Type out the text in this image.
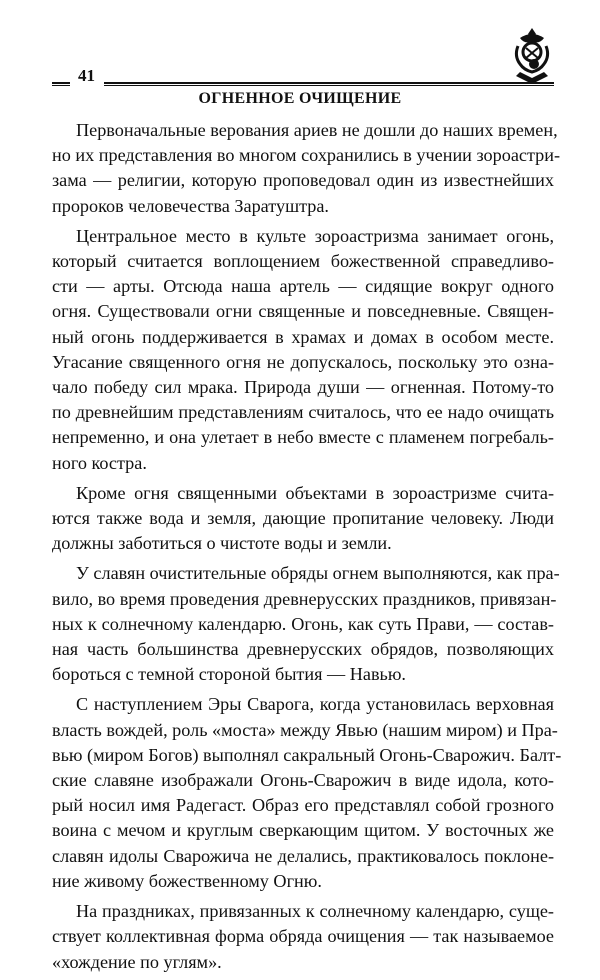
41
ОГНЕННОЕ ОЧИЩЕНИЕ
Первоначальные верования ариев не дошли до наших времен,
но их представления во многом сохранились в учении зороастри-
зама — религии, которую проповедовал один из известнейших
пророков человечества Заратуштра.
Центральное место в культе зороастризма занимает огонь,
который считается воплощением божественной справедливо-
сти — арты. Отсюда наша артель — сидящие вокруг одного
огня. Существовали огни священные и повседневные. Священ-
ный огонь поддерживается в храмах и домах в особом месте.
Угасание священного огня не допускалось, поскольку это озна-
чало победу сил мрака. Природа души — огненная. Потому-то
по древнейшим представлениям считалось, что ее надо очищать
непременно, и она улетает в небо вместе с пламенем погребаль-
ного костра.
Кроме огня священными объектами в зороастризме счита-
ются также вода и земля, дающие пропитание человеку. Люди
должны заботиться о чистоте воды и земли.
У славян очистительные обряды огнем выполняются, как пра-
вило, во время проведения древнерусских праздников, привязан-
ных к солнечному календарю. Огонь, как суть Прави, — состав-
ная часть большинства древнерусских обрядов, позволяющих
бороться с темной стороной бытия — Навью.
С наступлением Эры Сварога, когда установилась верховная
власть вождей, роль «моста» между Явью (нашим миром) и Пра-
вью (миром Богов) выполнял сакральный Огонь-Сварожич. Балт-
ские славяне изображали Огонь-Сварожич в виде идола, кото-
рый носил имя Радегаст. Образ его представлял собой грозного
воина с мечом и круглым сверкающим щитом. У восточных же
славян идолы Сварожича не делались, практиковалось поклоне-
ние живому божественному Огню.
На праздниках, привязанных к солнечному календарю, суще-
ствует коллективная форма обряда очищения — так называемое
«хождение по углям».
